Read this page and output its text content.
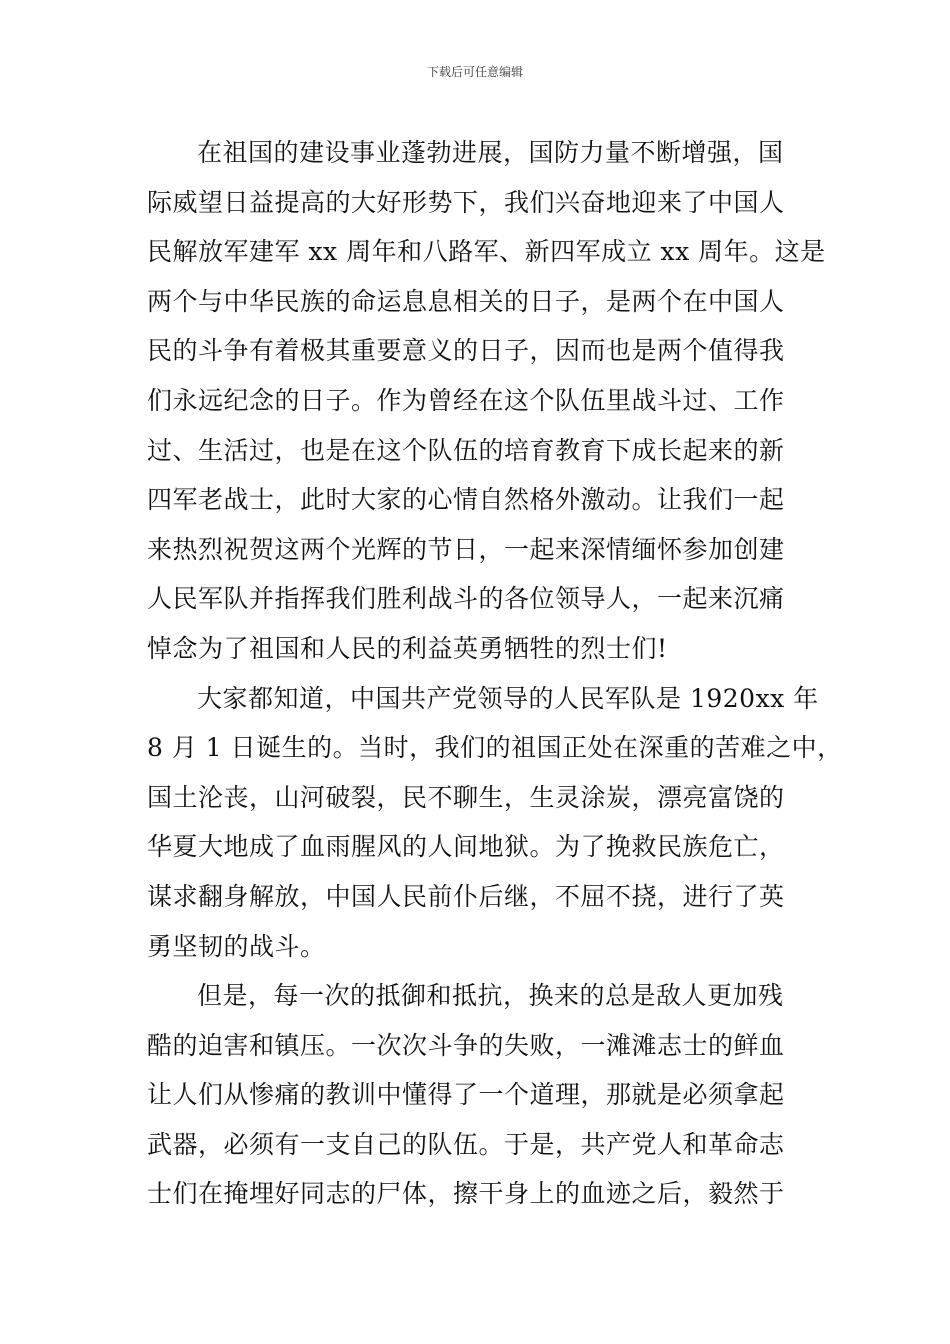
下载后可任意编辑
在祖国的建设事业蓬勃进展，国防力量不断增强，国
际威望日益提高的大好形势下，我们兴奋地迎来了中国人
民解放军建军 xx 周年和八路军、新四军成立 xx 周年。这是
两个与中华民族的命运息息相关的日子，是两个在中国人
民的斗争有着极其重要意义的日子，因而也是两个值得我
们永远纪念的日子。作为曾经在这个队伍里战斗过、工作
过、生活过，也是在这个队伍的培育教育下成长起来的新
四军老战士，此时大家的心情自然格外激动。让我们一起
来热烈祝贺这两个光辉的节日，一起来深情缅怀参加创建
人民军队并指挥我们胜利战斗的各位领导人，一起来沉痛
悼念为了祖国和人民的利益英勇牺牲的烈士们!
大家都知道，中国共产党领导的人民军队是 1920xx 年
8 月 1 日诞生的。当时，我们的祖国正处在深重的苦难之中，
国土沦丧，山河破裂，民不聊生，生灵涂炭，漂亮富饶的
华夏大地成了血雨腥风的人间地狱。为了挽救民族危亡，
谋求翻身解放，中国人民前仆后继，不屈不挠，进行了英
勇坚韧的战斗。
但是，每一次的抵御和抵抗，换来的总是敌人更加残
酷的迫害和镇压。一次次斗争的失败，一滩滩志士的鲜血
让人们从惨痛的教训中懂得了一个道理，那就是必须拿起
武器，必须有一支自己的队伍。于是，共产党人和革命志
士们在掩埋好同志的尸体，擦干身上的血迹之后，毅然于
